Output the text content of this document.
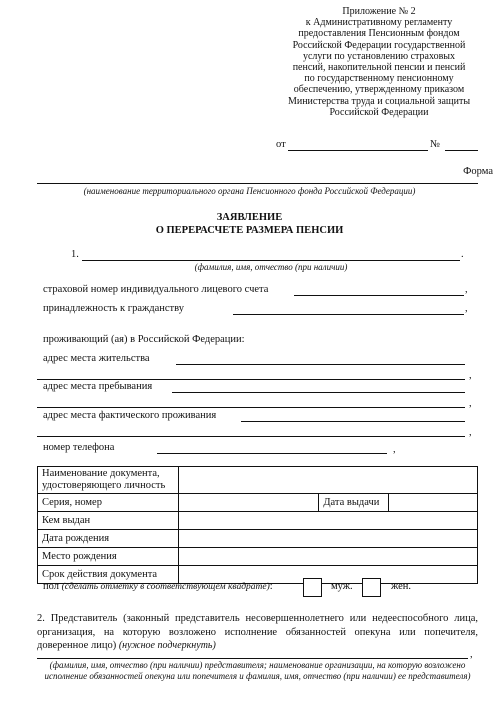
Приложение № 2
к Административному регламенту
предоставления Пенсионным фондом
Российской Федерации государственной
услуги по установлению страховых
пенсий, накопительной пенсии и пенсий
по государственному пенсионному
обеспечению, утвержденному приказом
Министерства труда и социальной защиты
Российской Федерации
от	№
Форма
(наименование территориального органа Пенсионного фонда Российской Федерации)
ЗАЯВЛЕНИЕ
О ПЕРЕРАСЧЕТЕ РАЗМЕРА ПЕНСИИ
1.	.
(фамилия, имя, отчество (при наличии)
страховой номер индивидуального лицевого счета	,
принадлежность к гражданству	,
проживающий (ая) в Российской Федерации:
адрес места жительства
,
адрес места пребывания
,
адрес места фактического проживания
,
номер телефона	,
Наименование документа, удостоверяющего личность			
Серия, номер		Дата выдачи	
Кем выдан			
Дата рождения			
Место рождения			
Срок действия документа			
пол (сделать отметку в соответствующем квадрате):	муж.	жен.
2. Представитель (законный представитель несовершеннолетнего или недееспособного лица, организация, на которую возложено исполнение обязанностей опекуна или попечителя, доверенное лицо) (нужное подчеркнуть)
,
(фамилия, имя, отчество (при наличии) представителя; наименование организации, на которую возложено исполнение обязанностей опекуна или попечителя и фамилия, имя, отчество (при наличии) ее представителя)
